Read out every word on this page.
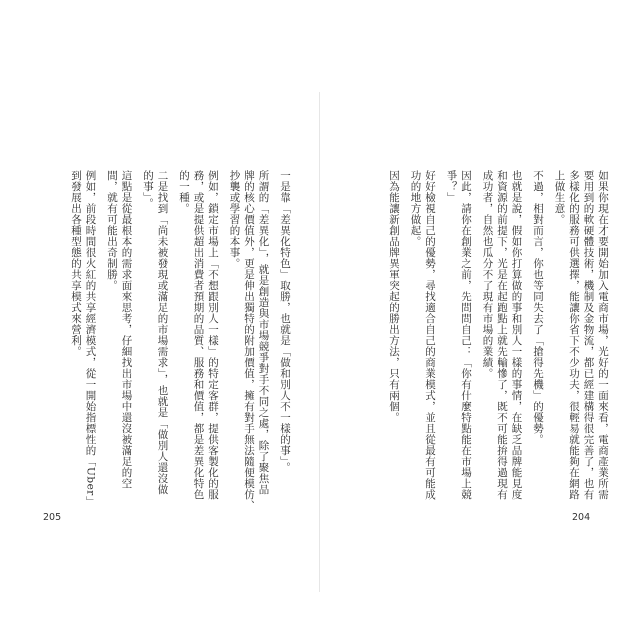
一是靠「差異化特色」取勝，也就是「做和別人不一樣的事」。

所謂的「差異化」，就是創造與市場競爭對手不同之處，除了聚焦品
牌的核心價值外，更是伸出獨特的附加價值，擁有對手無法隨便模仿、
抄襲或學習的本事。

例如，鎖定市場上「不想跟別人一樣」的特定客群，提供客製化的服
務，或是提供超出消費者預期的品質、服務和價值，都是差異化特色
的一種。

二是找到「尚未被發現或滿足的市場需求」，也就是「做別人還沒做
的事」。

這點是從最根本的需求面來思考，仔細找出市場中還沒被滿足的空
間，就有可能出奇制勝。

例如，前段時間很火紅的共享經濟模式，從一開始指標性的「Uber」
到發展出各種型態的共享模式來營利。

205

如果你現在才要開始加入電商市場，光好的一面來看，電商產業所需
要用到的軟硬體技術，機制及金物流，都已經建構得很完善了，也有
多樣化的服務可供選擇，能讓你省下不少功夫，很輕易就能夠在網路
上做生意。

不過，相對而言，你也等同失去了「搶得先機」的優勢。

也就是說，假如你打算做的事和別人一樣的事情，在缺乏品牌能見度
和資源的前提下，光是在起跑點上就先輸慘了，既不可能拚得過現有
成功者，自然也瓜分不了現有市場的業績。

因此，請你在創業之前，先問問自己：「你有什麼特點能在市場上競
爭？」

好好檢視自己的優勢，尋找適合自己的商業模式，並且從最有可能成
功的地方做起。

因為能讓新創品牌異軍突起的勝出方法，只有兩個。

204
